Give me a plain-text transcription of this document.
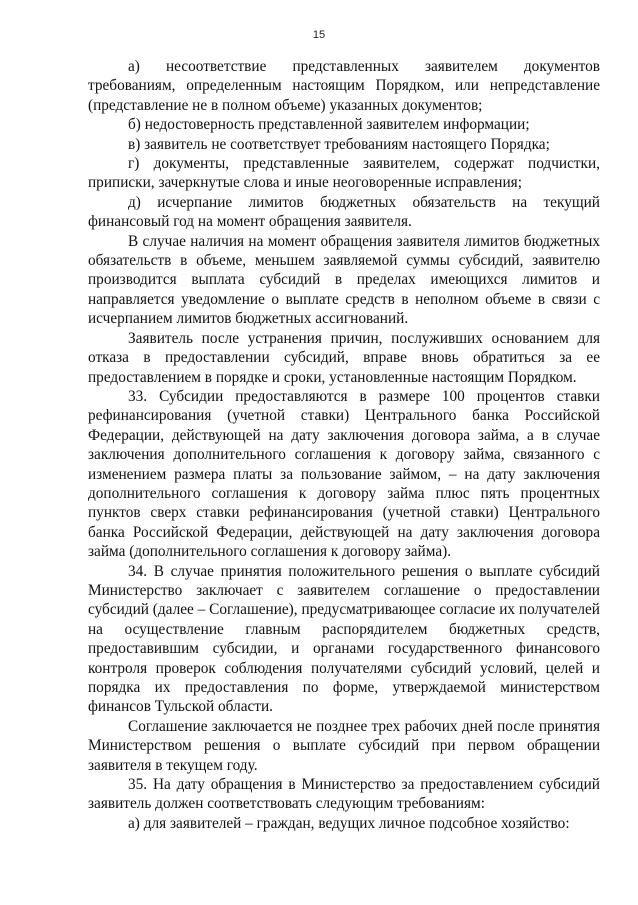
15

а) несоответствие представленных заявителем документов требованиям, определенным настоящим Порядком, или непредставление (представление не в полном объеме) указанных документов;

б) недостоверность представленной заявителем информации;

в) заявитель не соответствует требованиям настоящего Порядка;

г) документы, представленные заявителем, содержат подчистки, приписки, зачеркнутые слова и иные неоговоренные исправления;

д) исчерпание лимитов бюджетных обязательств на текущий финансовый год на момент обращения заявителя.

В случае наличия на момент обращения заявителя лимитов бюджетных обязательств в объеме, меньшем заявляемой суммы субсидий, заявителю производится выплата субсидий в пределах имеющихся лимитов и направляется уведомление о выплате средств в неполном объеме в связи с исчерпанием лимитов бюджетных ассигнований.

Заявитель после устранения причин, послуживших основанием для отказа в предоставлении субсидий, вправе вновь обратиться за ее предоставлением в порядке и сроки, установленные настоящим Порядком.

33. Субсидии предоставляются в размере 100 процентов ставки рефинансирования (учетной ставки) Центрального банка Российской Федерации, действующей на дату заключения договора займа, а в случае заключения дополнительного соглашения к договору займа, связанного с изменением размера платы за пользование займом, – на дату заключения дополнительного соглашения к договору займа плюс пять процентных пунктов сверх ставки рефинансирования (учетной ставки) Центрального банка Российской Федерации, действующей на дату заключения договора займа (дополнительного соглашения к договору займа).

34. В случае принятия положительного решения о выплате субсидий Министерство заключает с заявителем соглашение о предоставлении субсидий (далее – Соглашение), предусматривающее согласие их получателей на осуществление главным распорядителем бюджетных средств, предоставившим субсидии, и органами государственного финансового контроля проверок соблюдения получателями субсидий условий, целей и порядка их предоставления по форме, утверждаемой министерством финансов Тульской области.

Соглашение заключается не позднее трех рабочих дней после принятия Министерством решения о выплате субсидий при первом обращении заявителя в текущем году.

35. На дату обращения в Министерство за предоставлением субсидий заявитель должен соответствовать следующим требованиям:

а) для заявителей – граждан, ведущих личное подсобное хозяйство:
